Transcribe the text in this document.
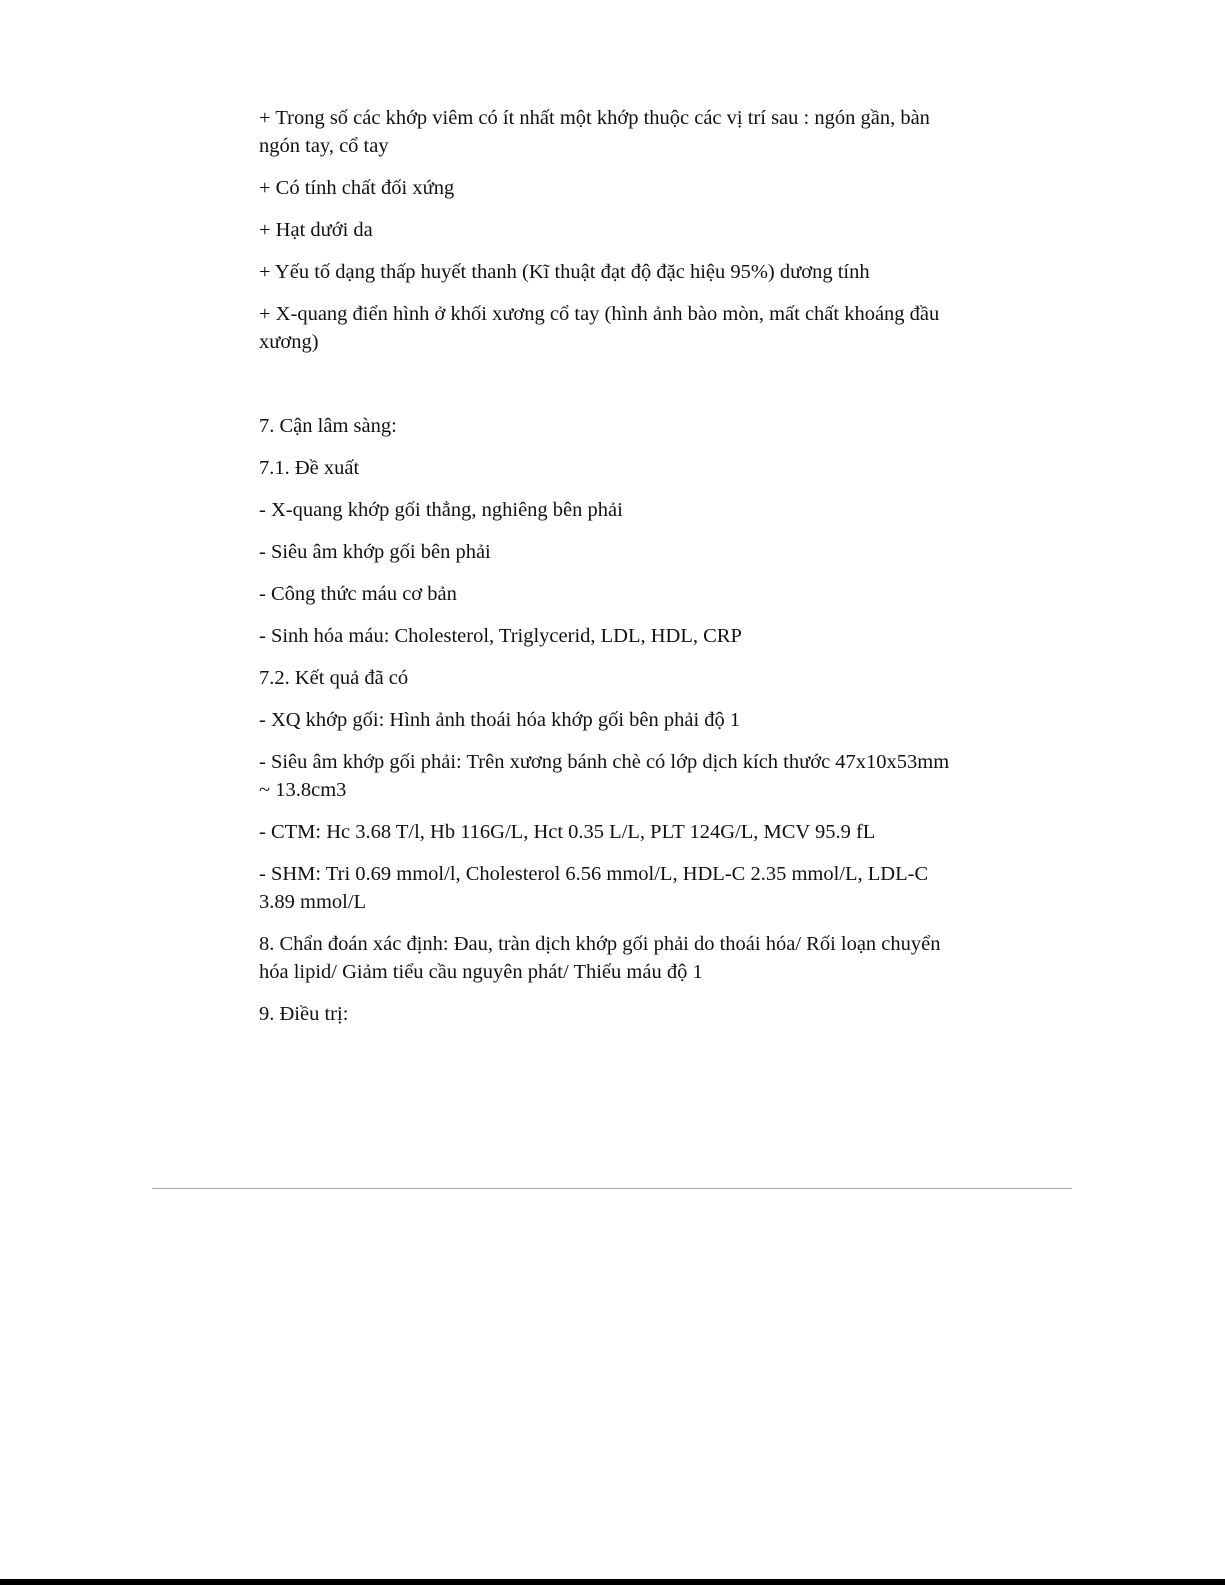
+ Trong số các khớp viêm có ít nhất một khớp thuộc các vị trí sau : ngón gần, bàn ngón tay, cổ tay

+ Có tính chất đối xứng

+ Hạt dưới da

+ Yếu tố dạng thấp huyết thanh (Kĩ thuật đạt độ đặc hiệu 95%) dương tính

+ X-quang điển hình ở khối xương cổ tay (hình ảnh bào mòn, mất chất khoáng đầu xương)

7. Cận lâm sàng:

7.1. Đề xuất

- X-quang khớp gối thẳng, nghiêng bên phải

- Siêu âm khớp gối bên phải

- Công thức máu cơ bản

- Sinh hóa máu: Cholesterol, Triglycerid, LDL, HDL, CRP

7.2. Kết quả đã có

- XQ khớp gối: Hình ảnh thoái hóa khớp gối bên phải độ 1

- Siêu âm khớp gối phải: Trên xương bánh chè có lớp dịch kích thước 47x10x53mm ~ 13.8cm3

- CTM: Hc 3.68 T/l, Hb 116G/L, Hct 0.35 L/L, PLT 124G/L, MCV 95.9 fL

- SHM: Tri 0.69 mmol/l, Cholesterol 6.56 mmol/L, HDL-C 2.35 mmol/L, LDL-C 3.89 mmol/L

8. Chẩn đoán xác định: Đau, tràn dịch khớp gối phải do thoái hóa/ Rối loạn chuyển hóa lipid/ Giảm tiểu cầu nguyên phát/ Thiếu máu độ 1

9. Điều trị:
